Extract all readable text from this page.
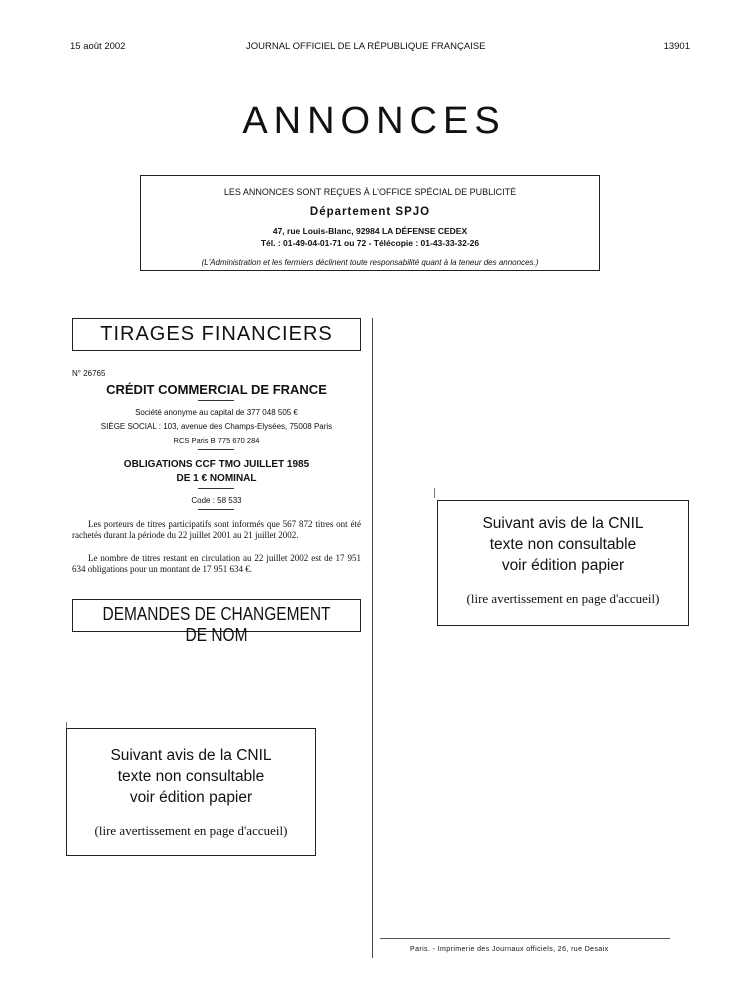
15 août 2002	JOURNAL OFFICIEL DE LA RÉPUBLIQUE FRANÇAISE	13901
ANNONCES
LES ANNONCES SONT REÇUES À L'OFFICE SPÉCIAL DE PUBLICITÉ
Département SPJO
47, rue Louis-Blanc, 92984 LA DÉFENSE CEDEX
Tél. : 01-49-04-01-71 ou 72 - Télécopie : 01-43-33-32-26
(L'Administration et les fermiers déclinent toute responsabilité quant à la teneur des annonces.)
TIRAGES FINANCIERS
N° 26765
CRÉDIT COMMERCIAL DE FRANCE
Société anonyme au capital de 377 048 505 €
SIÈGE SOCIAL : 103, avenue des Champs-Elysées, 75008 Paris
RCS Paris B 775 670 284
OBLIGATIONS CCF TMO JUILLET 1985
DE 1 € NOMINAL
Code : 58 533
Les porteurs de titres participatifs sont informés que 567 872 titres ont été rachetés durant la période du 22 juillet 2001 au 21 juillet 2002.
Le nombre de titres restant en circulation au 22 juillet 2002 est de 17 951 634 obligations pour un montant de 17 951 634 €.
DEMANDES DE CHANGEMENT DE NOM
Suivant avis de la CNIL
texte non consultable
voir édition papier
(lire avertissement en page d'accueil)
Suivant avis de la CNIL
texte non consultable
voir édition papier
(lire avertissement en page d'accueil)
Paris. - Imprimerie des Journaux officiels, 26, rue Desaix
